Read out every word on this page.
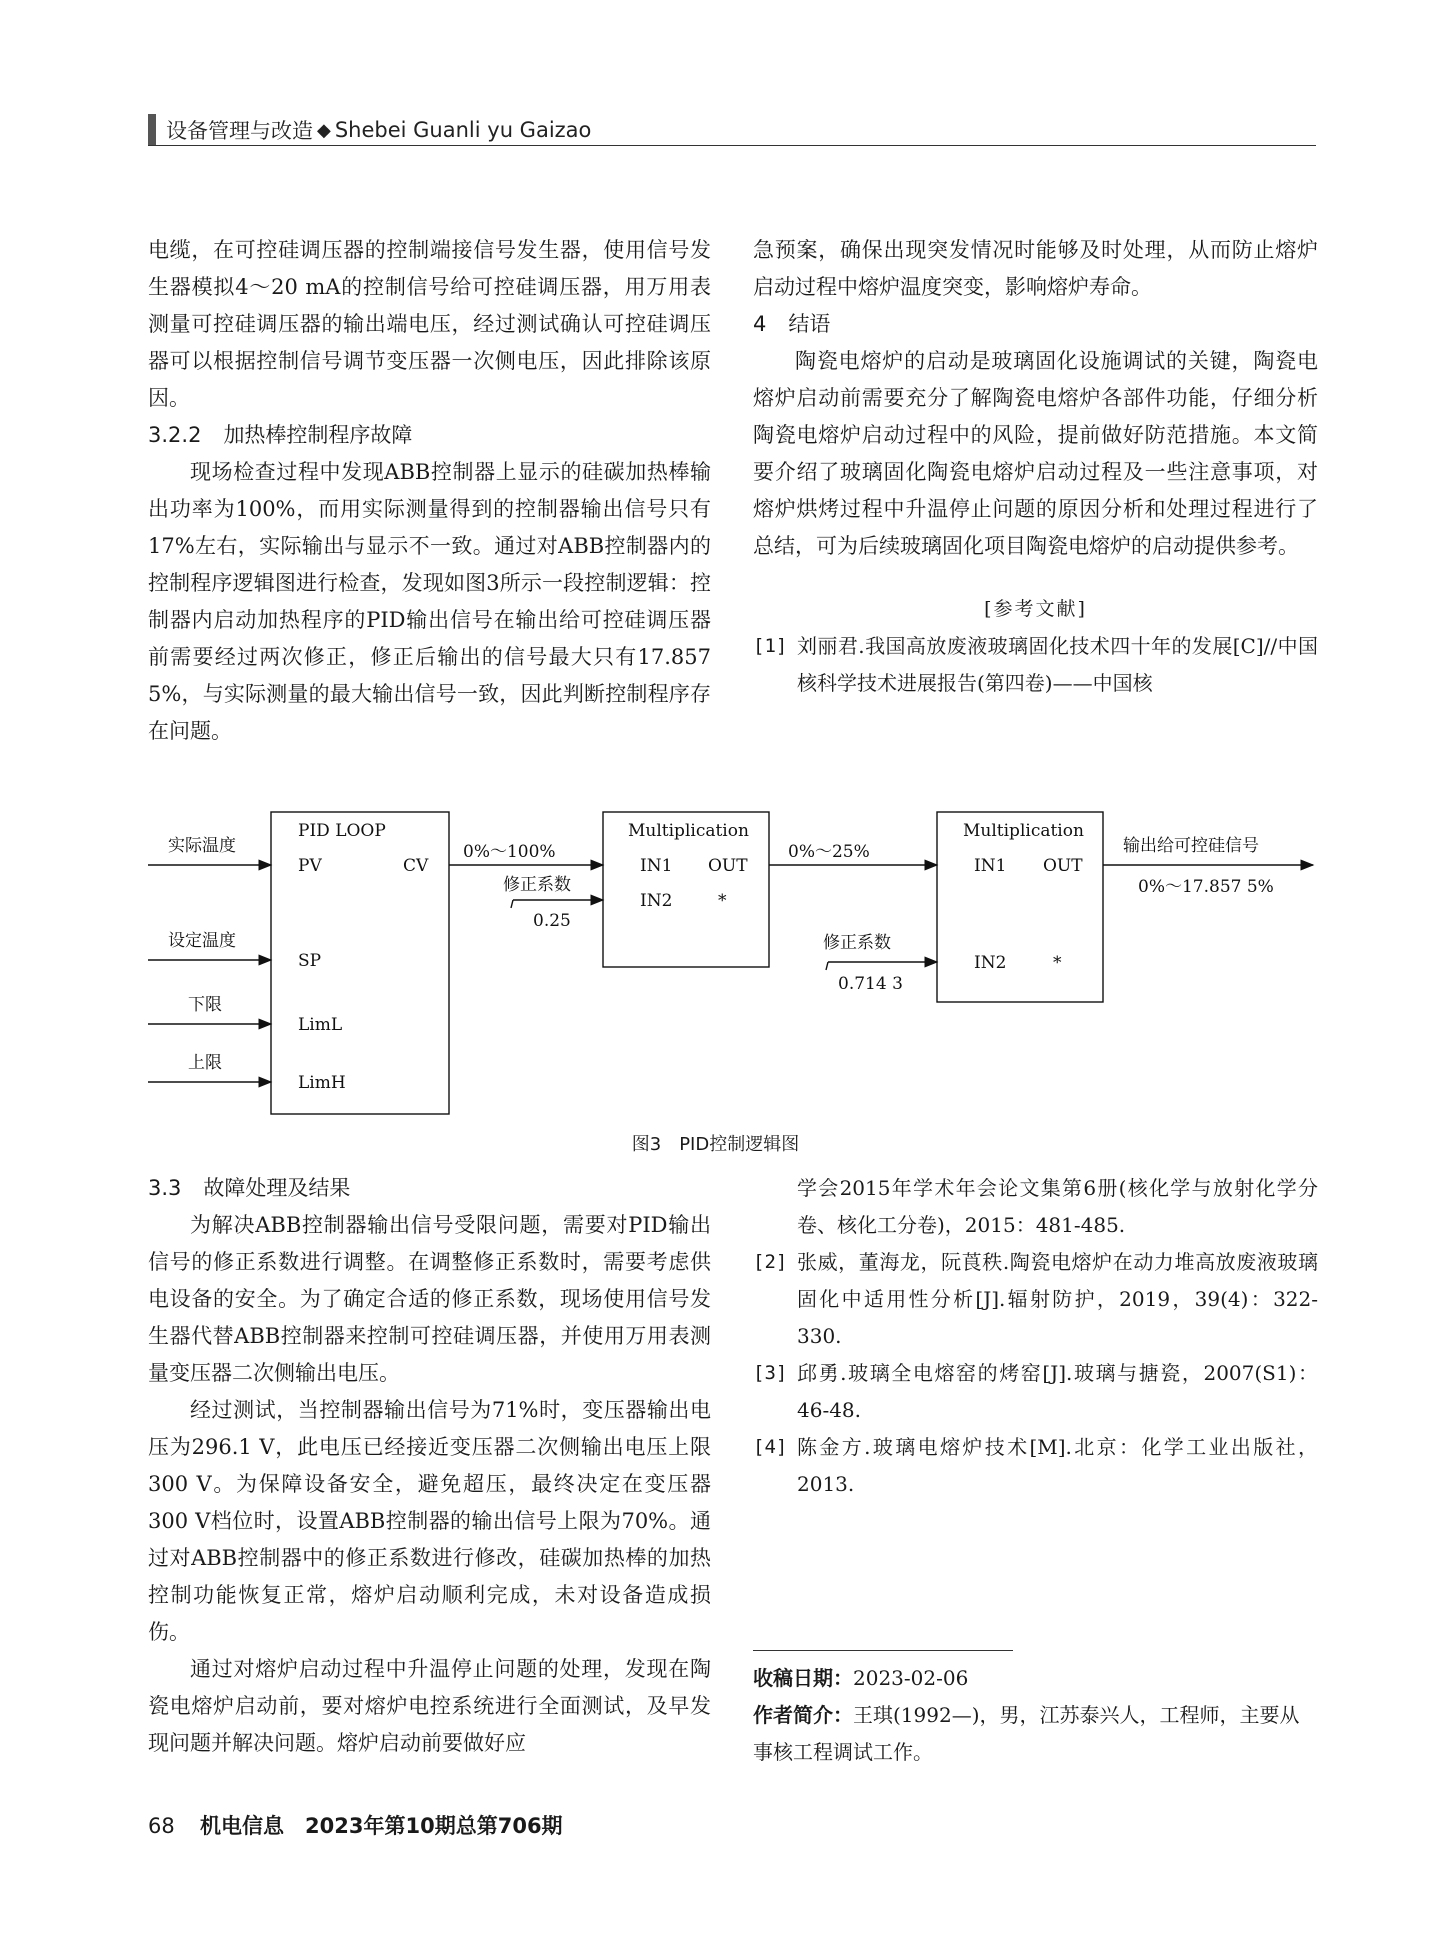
设备管理与改造 ◆ Shebei Guanli yu Gaizao

电缆，在可控硅调压器的控制端接信号发生器，使用信号发生器模拟4～20 mA的控制信号给可控硅调压器，用万用表测量可控硅调压器的输出端电压，经过测试确认可控硅调压器可以根据控制信号调节变压器一次侧电压，因此排除该原因。

3.2.2 加热棒控制程序故障

现场检查过程中发现ABB控制器上显示的硅碳加热棒输出功率为100%，而用实际测量得到的控制器输出信号只有17%左右，实际输出与显示不一致。通过对ABB控制器内的控制程序逻辑图进行检查，发现如图3所示一段控制逻辑：控制器内启动加热程序的PID输出信号在输出给可控硅调压器前需要经过两次修正，修正后输出的信号最大只有17.857 5%，与实际测量的最大输出信号一致，因此判断控制程序存在问题。

急预案，确保出现突发情况时能够及时处理，从而防止熔炉启动过程中熔炉温度突变，影响熔炉寿命。

4 结语

陶瓷电熔炉的启动是玻璃固化设施调试的关键，陶瓷电熔炉启动前需要充分了解陶瓷电熔炉各部件功能，仔细分析陶瓷电熔炉启动过程中的风险，提前做好防范措施。本文简要介绍了玻璃固化陶瓷电熔炉启动过程及一些注意事项，对熔炉烘烤过程中升温停止问题的原因分析和处理过程进行了总结，可为后续玻璃固化项目陶瓷电熔炉的启动提供参考。

[参考文献]

[1] 刘丽君.我国高放废液玻璃固化技术四十年的发展[C]//中国核科学技术进展报告(第四卷)——中国核
PID LOOP
PV	CV
SP
LimL
LimH
实际温度
设定温度
下限
上限
0%～100%
修正系数
0.25
Multiplication
IN1 OUT
IN2	*
0%～25%
修正系数
0.714 3
Multiplication
IN1 OUT
IN2	*
输出给可控硅信号
0%～17.857 5%
图3　PID控制逻辑图

3.3 故障处理及结果

为解决ABB控制器输出信号受限问题，需要对PID输出信号的修正系数进行调整。在调整修正系数时，需要考虑供电设备的安全。为了确定合适的修正系数，现场使用信号发生器代替ABB控制器来控制可控硅调压器，并使用万用表测量变压器二次侧输出电压。

经过测试，当控制器输出信号为71%时，变压器输出电压为296.1 V，此电压已经接近变压器二次侧输出电压上限300 V。为保障设备安全，避免超压，最终决定在变压器300 V档位时，设置ABB控制器的输出信号上限为70%。通过对ABB控制器中的修正系数进行修改，硅碳加热棒的加热控制功能恢复正常，熔炉启动顺利完成，未对设备造成损伤。

通过对熔炉启动过程中升温停止问题的处理，发现在陶瓷电熔炉启动前，要对熔炉电控系统进行全面测试，及早发现问题并解决问题。熔炉启动前要做好应

学会2015年学术年会论文集第6册(核化学与放射化学分卷、核化工分卷)，2015：481-485.

[2] 张威，董海龙，阮莨秩.陶瓷电熔炉在动力堆高放废液玻璃固化中适用性分析[J].辐射防护，2019，39(4)：322-330.
[3] 邱勇.玻璃全电熔窑的烤窑[J].玻璃与搪瓷，2007(S1)：46-48.
[4] 陈金方.玻璃电熔炉技术[M].北京：化学工业出版社，2013.
收稿日期：2023-02-06
作者简介：王琪(1992—)，男，江苏泰兴人，工程师，主要从事核工程调试工作。
68 机电信息　2023年第10期总第706期
